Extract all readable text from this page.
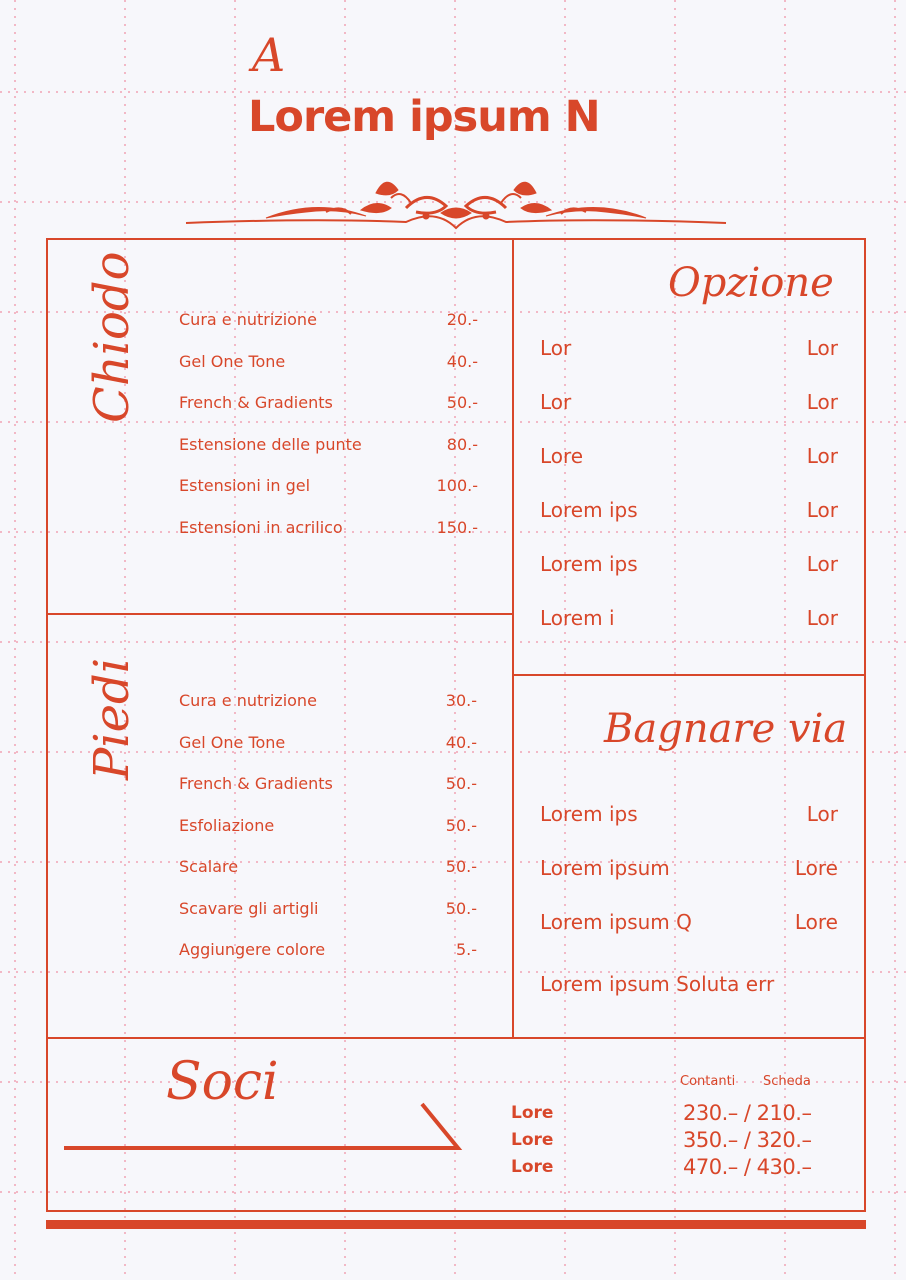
A
Lorem ipsum N
Chiodo Cura e nutrizione	20.-
Gel One Tone	40.-
French & Gradients	50.-
Estensione delle punte	80.-
Estensioni in gel	100.-
Estensioni in acrilico	150.-
Piedi Cura e nutrizione	30.-
Gel One Tone	40.-
French & Gradients	50.-
Esfoliazione	50.-
Scalare	50.-
Scavare gli artigli	50.-
Aggiungere colore	5.-
Opzione
Lor	Lor
Lor	Lor
Lore	Lor
Lorem ips	Lor
Lorem ips	Lor
Lorem i	Lor
Bagnare via
Lorem ips	Lor
Lorem ipsum	Lore
Lorem ipsum Q	Lore
Lorem ipsum Soluta err
Soci	Contanti Scheda
Lore	230.– / 210.–
Lore	350.– / 320.–
Lore	470.– / 430.–
